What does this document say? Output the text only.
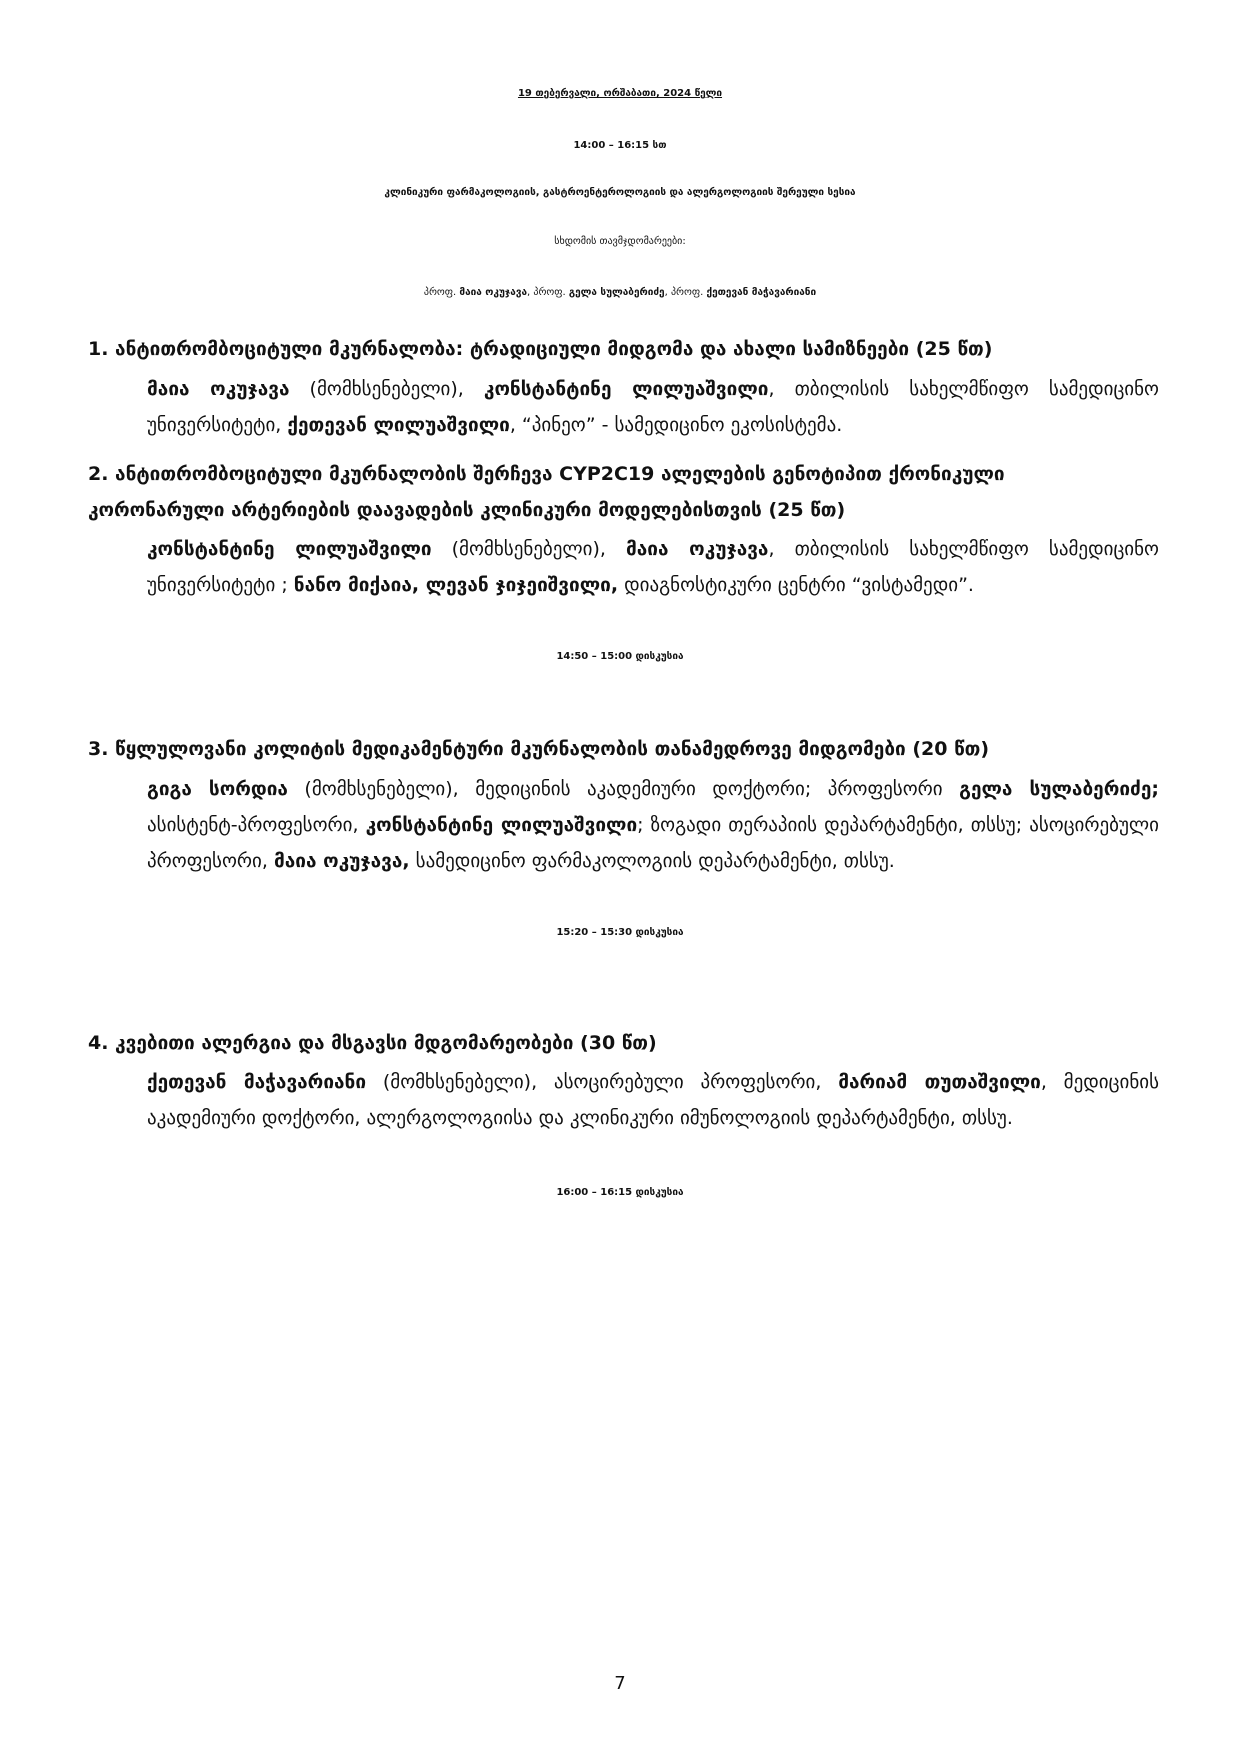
19 თებერვალი, ორშაბათი, 2024 წელი
14:00 – 16:15 სთ
კლინიკური ფარმაკოლოგიის, გასტროენტეროლოგიის და ალერგოლოგიის შერეული სესია
სხდომის თავმჯდომარეები:
პროფ. მაია ოკუჯავა, პროფ. გელა სულაბერიძე, პროფ. ქეთევან მაჭავარიანი
1. ანტითრომბოციტული მკურნალობა: ტრადიციული მიდგომა და ახალი სამიზნეები (25 წთ)
მაია ოკუჯავა (მომხსენებელი), კონსტანტინე ლილუაშვილი, თბილისის სახელმწიფო სამედიცინო უნივერსიტეტი, ქეთევან ლილუაშვილი, “პინეო” - სამედიცინო ეკოსისტემა.
2. ანტითრომბოციტული მკურნალობის შერჩევა CYP2C19 ალელების გენოტიპით ქრონიკული
კორონარული არტერიების დაავადების კლინიკური მოდელებისთვის (25 წთ)
კონსტანტინე ლილუაშვილი (მომხსენებელი), მაია ოკუჯავა, თბილისის სახელმწიფო სამედიცინო უნივერსიტეტი ; ნანო მიქაია, ლევან ჯიჯეიშვილი, დიაგნოსტიკური ცენტრი “ვისტამედი”.
14:50 – 15:00 დისკუსია
3. წყლულოვანი კოლიტის მედიკამენტური მკურნალობის თანამედროვე მიდგომები (20 წთ)
გიგა სორდია (მომხსენებელი), მედიცინის აკადემიური დოქტორი; პროფესორი გელა სულაბერიძე; ასისტენტ-პროფესორი, კონსტანტინე ლილუაშვილი; ზოგადი თერაპიის დეპარტამენტი, თსსუ; ასოცირებული პროფესორი, მაია ოკუჯავა, სამედიცინო ფარმაკოლოგიის დეპარტამენტი, თსსუ.
15:20 – 15:30 დისკუსია
4. კვებითი ალერგია და მსგავსი მდგომარეობები (30 წთ)
ქეთევან მაჭავარიანი (მომხსენებელი), ასოცირებული პროფესორი, მარიამ თუთაშვილი, მედიცინის აკადემიური დოქტორი, ალერგოლოგიისა და კლინიკური იმუნოლოგიის დეპარტამენტი, თსსუ.
16:00 – 16:15 დისკუსია
7
